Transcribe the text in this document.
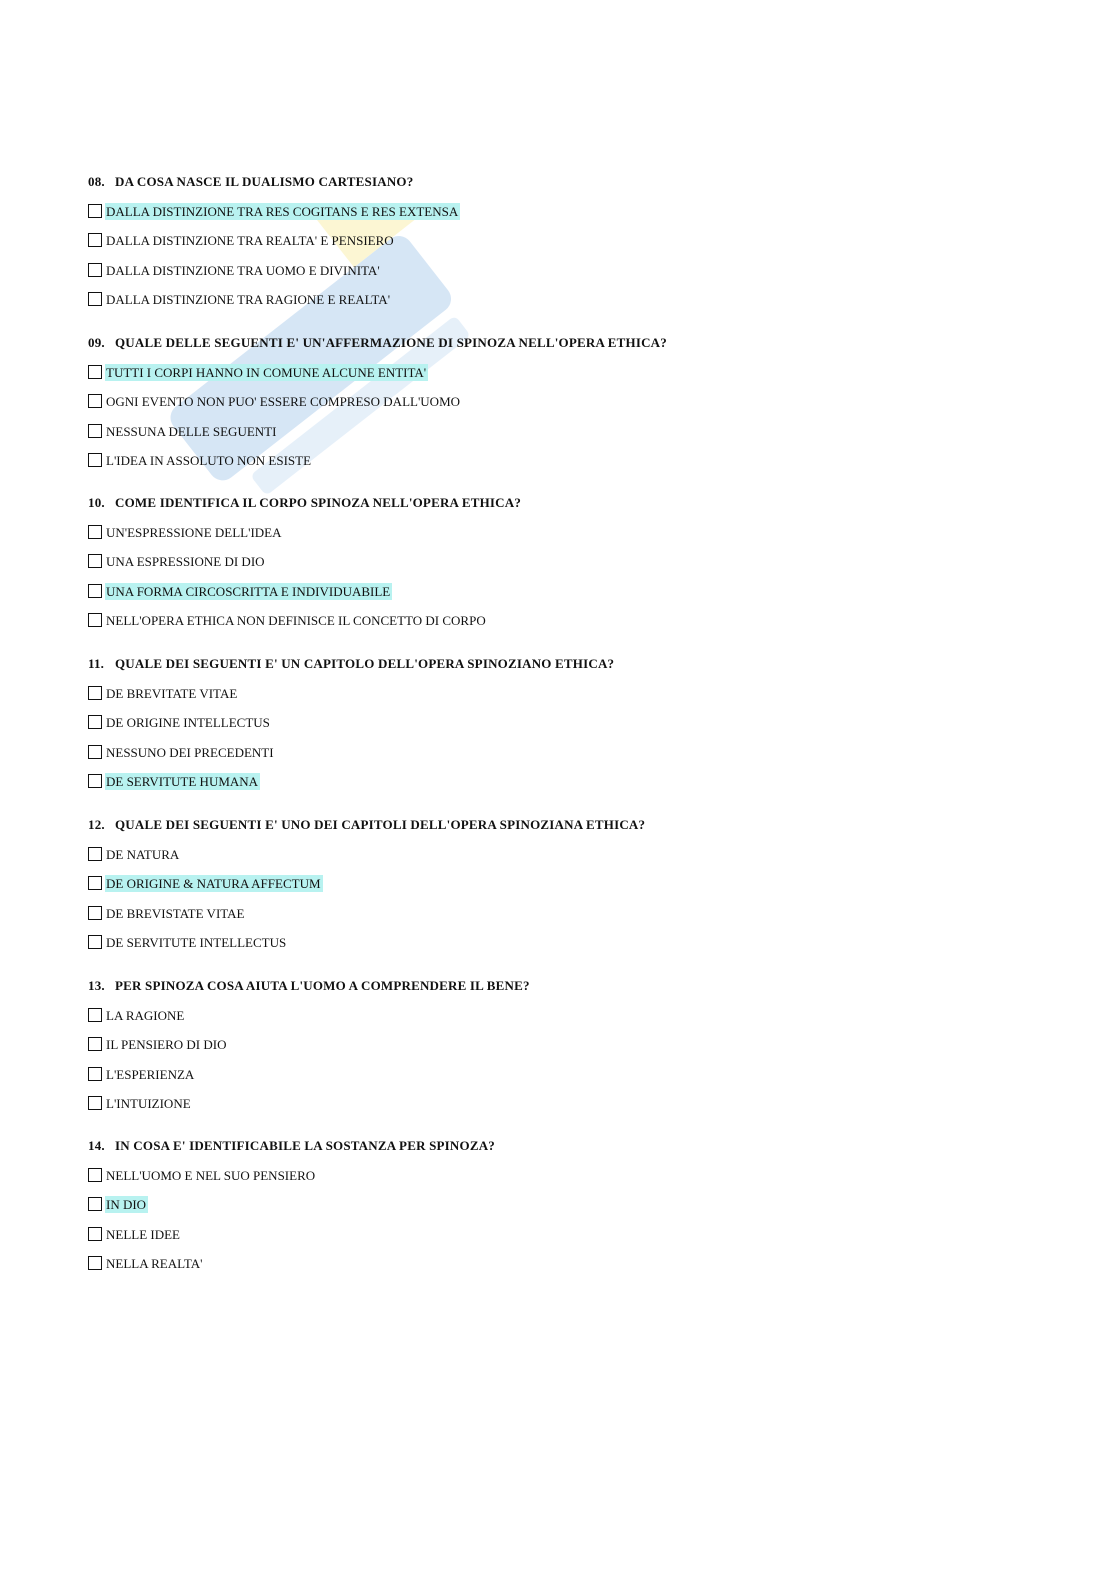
08. DA COSA NASCE IL DUALISMO CARTESIANO?
DALLA DISTINZIONE TRA RES COGITANS E RES EXTENSA
DALLA DISTINZIONE TRA REALTA' E PENSIERO
DALLA DISTINZIONE TRA UOMO E DIVINITA'
DALLA DISTINZIONE TRA RAGIONE E REALTA'
09. QUALE DELLE SEGUENTI E' UN'AFFERMAZIONE DI SPINOZA NELL'OPERA ETHICA?
TUTTI I CORPI HANNO IN COMUNE ALCUNE ENTITA'
OGNI EVENTO NON PUO' ESSERE COMPRESO DALL'UOMO
NESSUNA DELLE SEGUENTI
L'IDEA IN ASSOLUTO NON ESISTE
10. COME IDENTIFICA IL CORPO SPINOZA NELL'OPERA ETHICA?
UN'ESPRESSIONE DELL'IDEA
UNA ESPRESSIONE DI DIO
UNA FORMA CIRCOSCRITTA E INDIVIDUABILE
NELL'OPERA ETHICA NON DEFINISCE IL CONCETTO DI CORPO
11. QUALE DEI SEGUENTI E' UN CAPITOLO DELL'OPERA SPINOZIANO ETHICA?
DE BREVITATE VITAE
DE ORIGINE INTELLECTUS
NESSUNO DEI PRECEDENTI
DE SERVITUTE HUMANA
12. QUALE DEI SEGUENTI E' UNO DEI CAPITOLI DELL'OPERA SPINOZIANA ETHICA?
DE NATURA
DE ORIGINE & NATURA AFFECTUM
DE BREVISTATE VITAE
DE SERVITUTE INTELLECTUS
13. PER SPINOZA COSA AIUTA L'UOMO A COMPRENDERE IL BENE?
LA RAGIONE
IL PENSIERO DI DIO
L'ESPERIENZA
L'INTUIZIONE
14. IN COSA E' IDENTIFICABILE LA SOSTANZA PER SPINOZA?
NELL'UOMO E NEL SUO PENSIERO
IN DIO
NELLE IDEE
NELLA REALTA'
